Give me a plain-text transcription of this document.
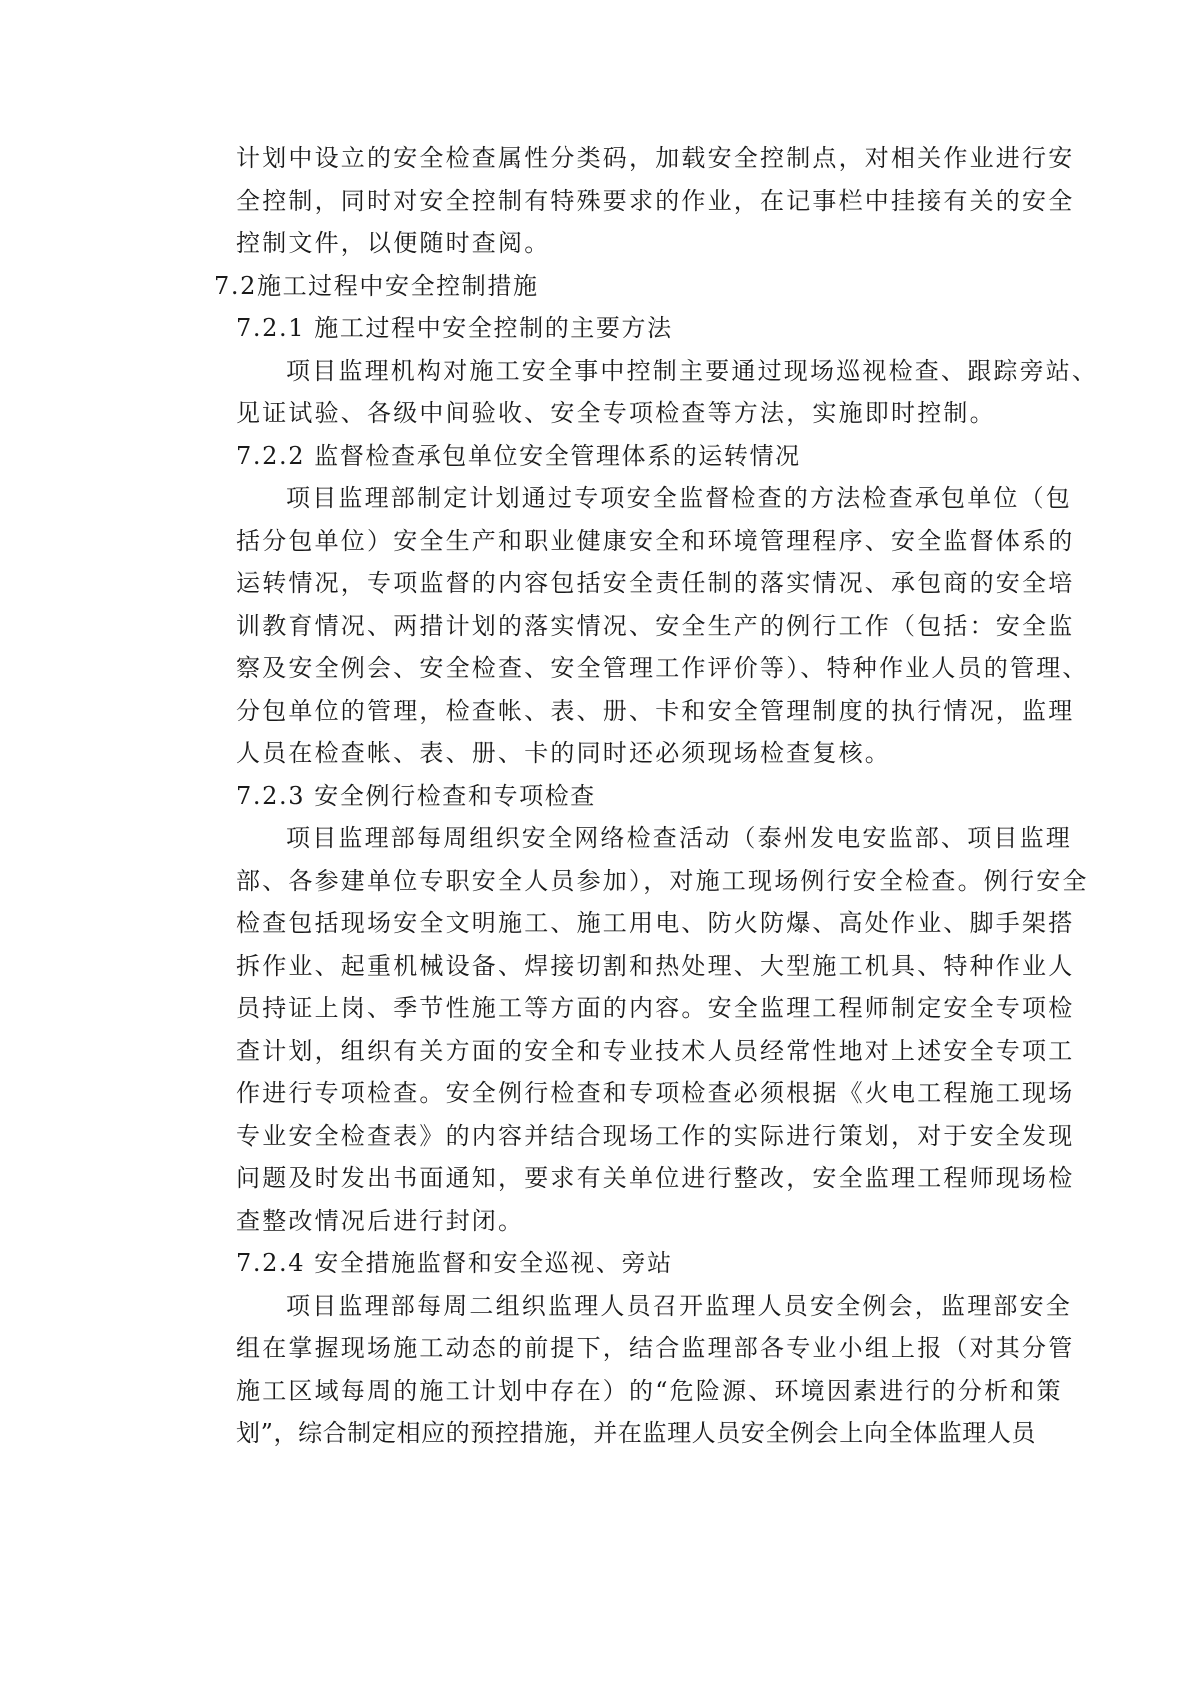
计划中设立的安全检查属性分类码，加载安全控制点，对相关作业进行安
全控制，同时对安全控制有特殊要求的作业，在记事栏中挂接有关的安全
控制文件，以便随时查阅。
7.2施工过程中安全控制措施
7.2.1 施工过程中安全控制的主要方法
项目监理机构对施工安全事中控制主要通过现场巡视检查、跟踪旁站、
见证试验、各级中间验收、安全专项检查等方法，实施即时控制。
7.2.2 监督检查承包单位安全管理体系的运转情况
项目监理部制定计划通过专项安全监督检查的方法检查承包单位（包
括分包单位）安全生产和职业健康安全和环境管理程序、安全监督体系的
运转情况，专项监督的内容包括安全责任制的落实情况、承包商的安全培
训教育情况、两措计划的落实情况、安全生产的例行工作（包括：安全监
察及安全例会、安全检查、安全管理工作评价等）、特种作业人员的管理、
分包单位的管理，检查帐、表、册、卡和安全管理制度的执行情况，监理
人员在检查帐、表、册、卡的同时还必须现场检查复核。
7.2.3 安全例行检查和专项检查
项目监理部每周组织安全网络检查活动（泰州发电安监部、项目监理
部、各参建单位专职安全人员参加），对施工现场例行安全检查。例行安全
检查包括现场安全文明施工、施工用电、防火防爆、高处作业、脚手架搭
拆作业、起重机械设备、焊接切割和热处理、大型施工机具、特种作业人
员持证上岗、季节性施工等方面的内容。安全监理工程师制定安全专项检
查计划，组织有关方面的安全和专业技术人员经常性地对上述安全专项工
作进行专项检查。安全例行检查和专项检查必须根据《火电工程施工现场
专业安全检查表》的内容并结合现场工作的实际进行策划，对于安全发现
问题及时发出书面通知，要求有关单位进行整改，安全监理工程师现场检
查整改情况后进行封闭。
7.2.4 安全措施监督和安全巡视、旁站
项目监理部每周二组织监理人员召开监理人员安全例会，监理部安全
组在掌握现场施工动态的前提下，结合监理部各专业小组上报（对其分管
施工区域每周的施工计划中存在）的“危险源、环境因素进行的分析和策
划”，综合制定相应的预控措施，并在监理人员安全例会上向全体监理人员
